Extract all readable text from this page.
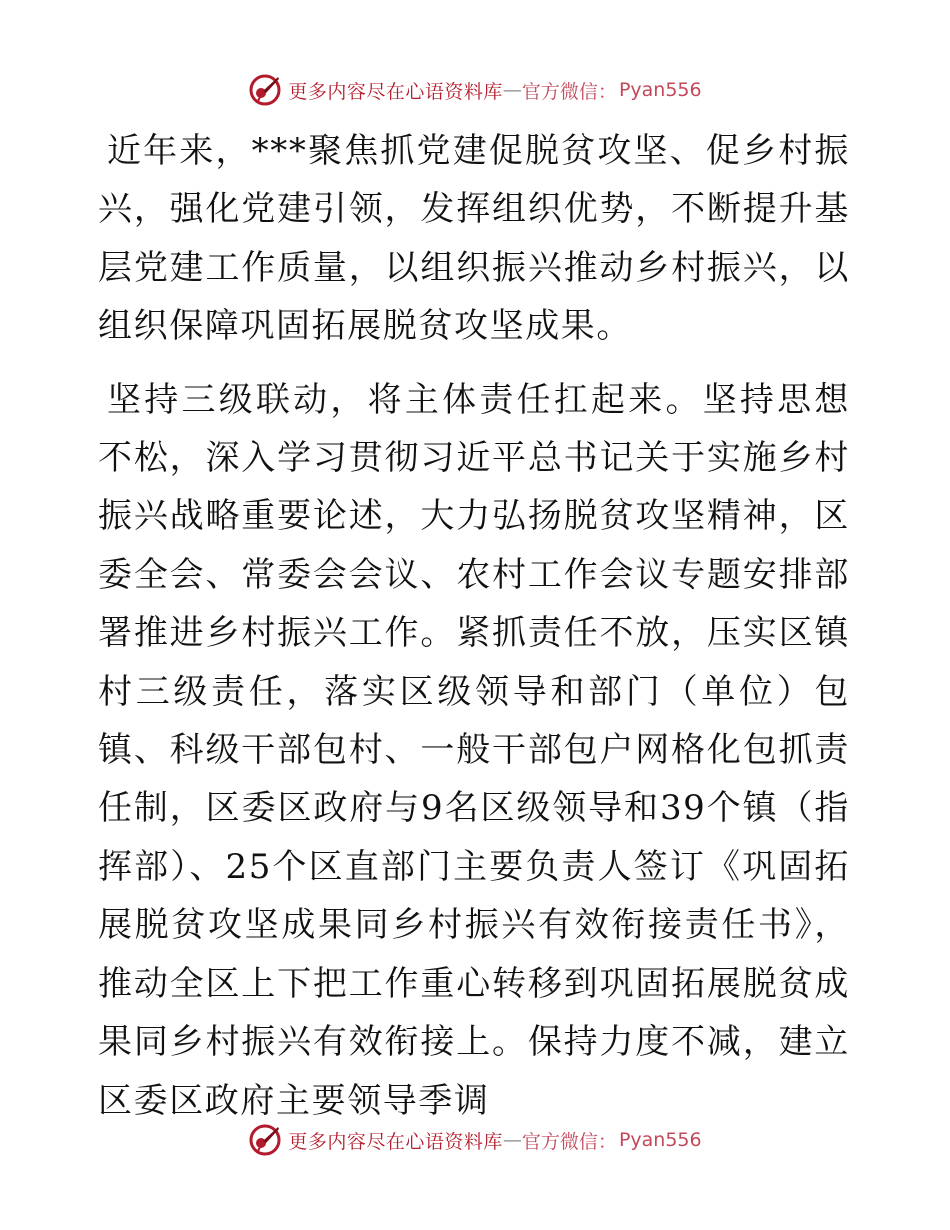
更多内容尽在心语资料库 — 官方微信： Pyan556

近年来，***聚焦抓党建促脱贫攻坚、促乡村振兴，强化党建引领，发挥组织优势，不断提升基层党建工作质量，以组织振兴推动乡村振兴，以组织保障巩固拓展脱贫攻坚成果。

坚持三级联动，将主体责任扛起来。坚持思想不松，深入学习贯彻习近平总书记关于实施乡村振兴战略重要论述，大力弘扬脱贫攻坚精神，区委全会、常委会会议、农村工作会议专题安排部署推进乡村振兴工作。紧抓责任不放，压实区镇村三级责任，落实区级领导和部门（单位）包镇、科级干部包村、一般干部包户网格化包抓责任制，区委区政府与9名区级领导和39个镇（指挥部）、25个区直部门主要负责人签订《巩固拓展脱贫攻坚成果同乡村振兴有效衔接责任书》，推动全区上下把工作重心转移到巩固拓展脱贫成果同乡村振兴有效衔接上。保持力度不减，建立区委区政府主要领导季调

更多内容尽在心语资料库 — 官方微信： Pyan556
